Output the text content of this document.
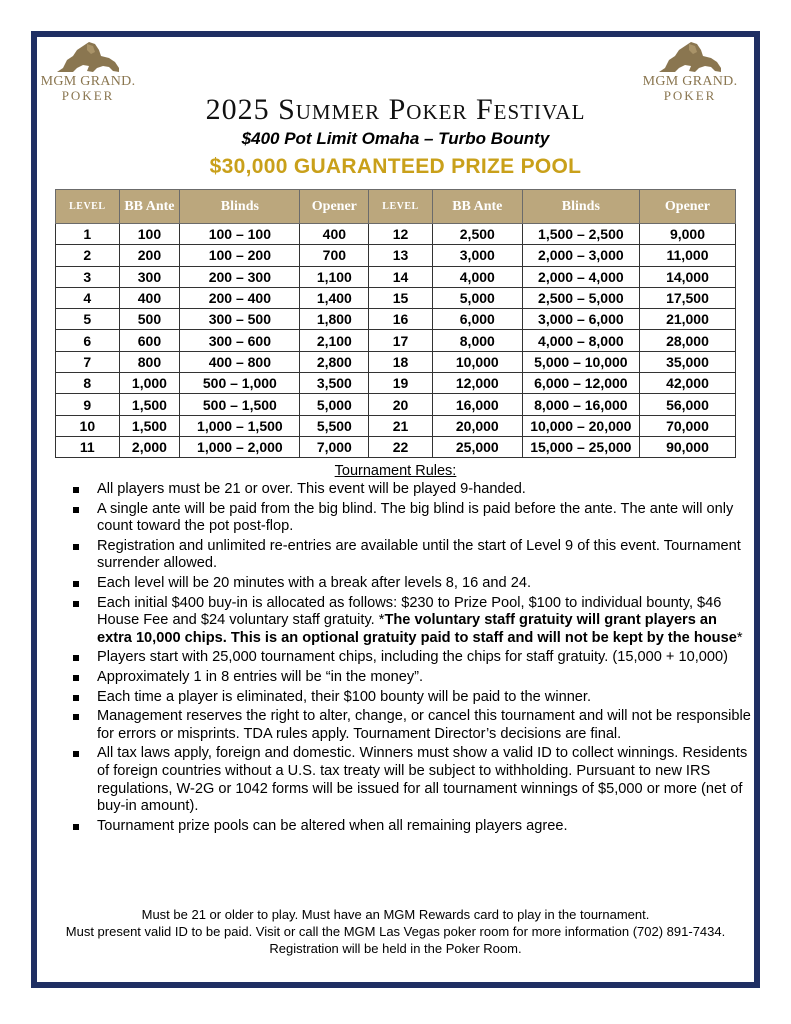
MGM GRAND.
POKER
MGM GRAND.
POKER
2025 Summer Poker Festival
$400 Pot Limit Omaha – Turbo Bounty
$30,000 GUARANTEED PRIZE POOL
LEVEL	BB Ante	Blinds	Opener	LEVEL	BB Ante	Blinds	Opener
1	100	100 – 100	400	12	2,500	1,500 – 2,500	9,000
2	200	100 – 200	700	13	3,000	2,000 – 3,000	11,000
3	300	200 – 300	1,100	14	4,000	2,000 – 4,000	14,000
4	400	200 – 400	1,400	15	5,000	2,500 – 5,000	17,500
5	500	300 – 500	1,800	16	6,000	3,000 – 6,000	21,000
6	600	300 – 600	2,100	17	8,000	4,000 – 8,000	28,000
7	800	400 – 800	2,800	18	10,000	5,000 – 10,000	35,000
8	1,000	500 – 1,000	3,500	19	12,000	6,000 – 12,000	42,000
9	1,500	500 – 1,500	5,000	20	16,000	8,000 – 16,000	56,000
10	1,500	1,000 – 1,500	5,500	21	20,000	10,000 – 20,000	70,000
11	2,000	1,000 – 2,000	7,000	22	25,000	15,000 – 25,000	90,000
Tournament Rules:
All players must be 21 or over. This event will be played 9-handed.
A single ante will be paid from the big blind. The big blind is paid before the ante. The ante will only count toward the pot post-flop.
Registration and unlimited re-entries are available until the start of Level 9 of this event. Tournament surrender allowed.
Each level will be 20 minutes with a break after levels 8, 16 and 24.
Each initial $400 buy-in is allocated as follows: $230 to Prize Pool, $100 to individual bounty, $46 House Fee and $24 voluntary staff gratuity. *The voluntary staff gratuity will grant players an extra 10,000 chips. This is an optional gratuity paid to staff and will not be kept by the house*
Players start with 25,000 tournament chips, including the chips for staff gratuity. (15,000 + 10,000)
Approximately 1 in 8 entries will be “in the money”.
Each time a player is eliminated, their $100 bounty will be paid to the winner.
Management reserves the right to alter, change, or cancel this tournament and will not be responsible for errors or misprints. TDA rules apply. Tournament Director’s decisions are final.
All tax laws apply, foreign and domestic. Winners must show a valid ID to collect winnings. Residents of foreign countries without a U.S. tax treaty will be subject to withholding. Pursuant to new IRS regulations, W-2G or 1042 forms will be issued for all tournament winnings of $5,000 or more (net of buy-in amount).
Tournament prize pools can be altered when all remaining players agree.
Must be 21 or older to play. Must have an MGM Rewards card to play in the tournament.
Must present valid ID to be paid. Visit or call the MGM Las Vegas poker room for more information (702) 891-7434. Registration will be held in the Poker Room.
